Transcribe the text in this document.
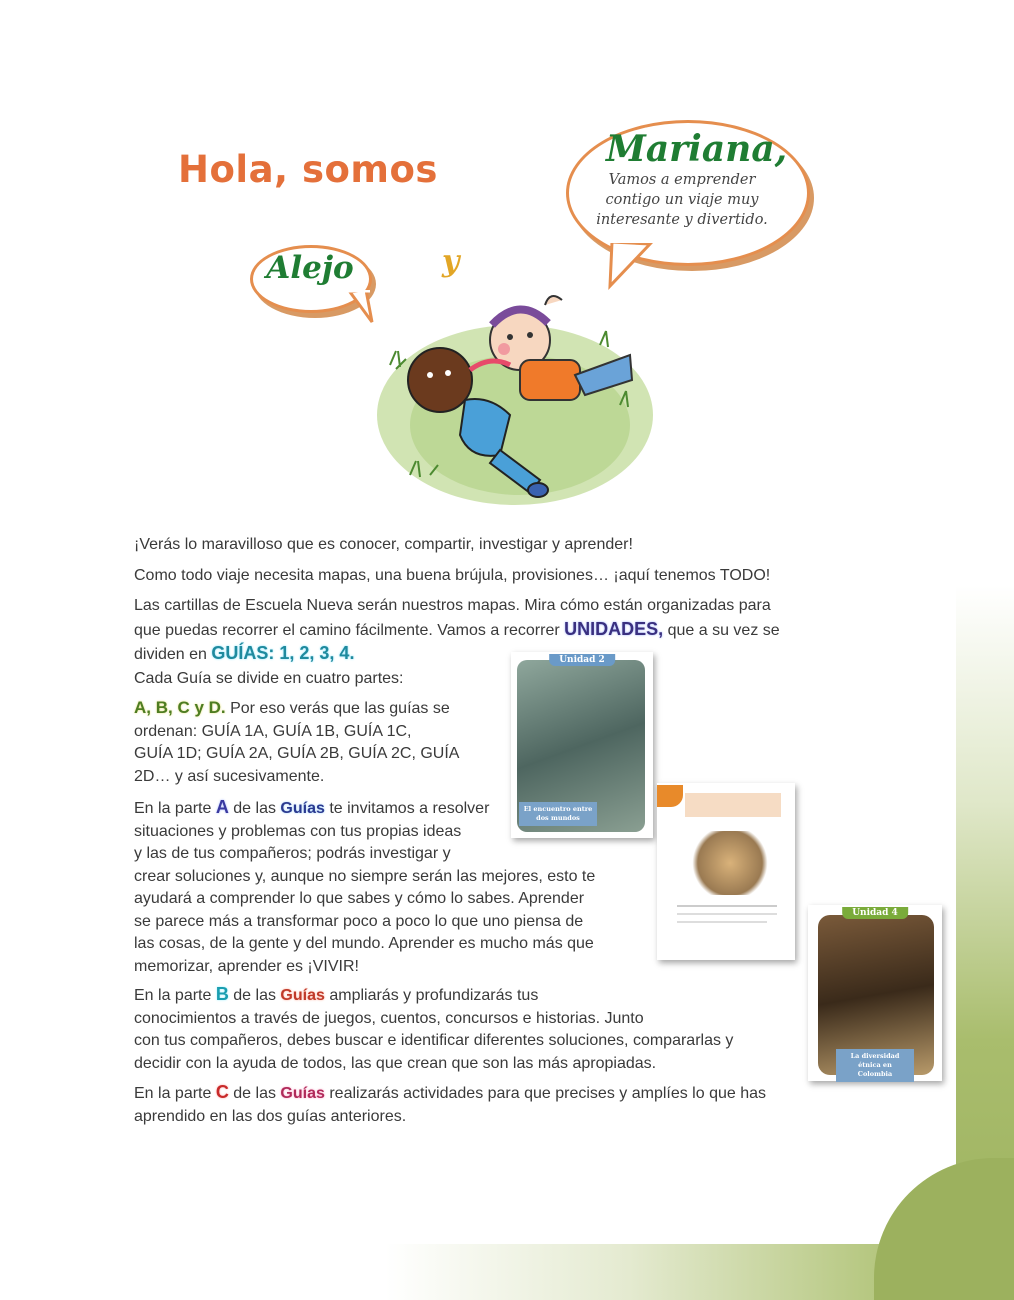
Hola, somos	Mariana,
Vamos a emprender contigo un viaje muy interesante y divertido.
Alejo	y
¡Verás lo maravilloso que es conocer, compartir, investigar y aprender!
Como todo viaje necesita mapas, una buena brújula, provisiones… ¡aquí tenemos TODO!
Las cartillas de Escuela Nueva serán nuestros mapas. Mira cómo están organizadas para que puedas recorrer el camino fácilmente. Vamos a recorrer UNIDADES, que a su vez se dividen en GUÍAS: 1, 2, 3, 4.
Cada Guía se divide en cuatro partes:
A, B, C y D. Por eso verás que las guías se
ordenan: GUÍA 1A, GUÍA 1B, GUÍA 1C,
GUÍA 1D; GUÍA 2A, GUÍA 2B, GUÍA 2C, GUÍA
2D… y así sucesivamente.
En la parte A de las Guías te invitamos a resolver
situaciones y problemas con tus propias ideas
y las de tus compañeros; podrás investigar y
crear soluciones y, aunque no siempre serán las mejores, esto te
ayudará a comprender lo que sabes y cómo lo sabes. Aprender
se parece más a transformar poco a poco lo que uno piensa de
las cosas, de la gente y del mundo. Aprender es mucho más que
memorizar, aprender es ¡VIVIR!
En la parte B de las Guías ampliarás y profundizarás tus
conocimientos a través de juegos, cuentos, concursos e historias. Junto
con tus compañeros, debes buscar e identificar diferentes soluciones, compararlas y
decidir con la ayuda de todos, las que crean que son las más apropiadas.
En la parte C de las Guías realizarás actividades para que precises y amplíes lo que has
aprendido en las dos guías anteriores.
Unidad 2
El encuentro entre dos mundos
Unidad 4
La diversidad étnica en Colombia
